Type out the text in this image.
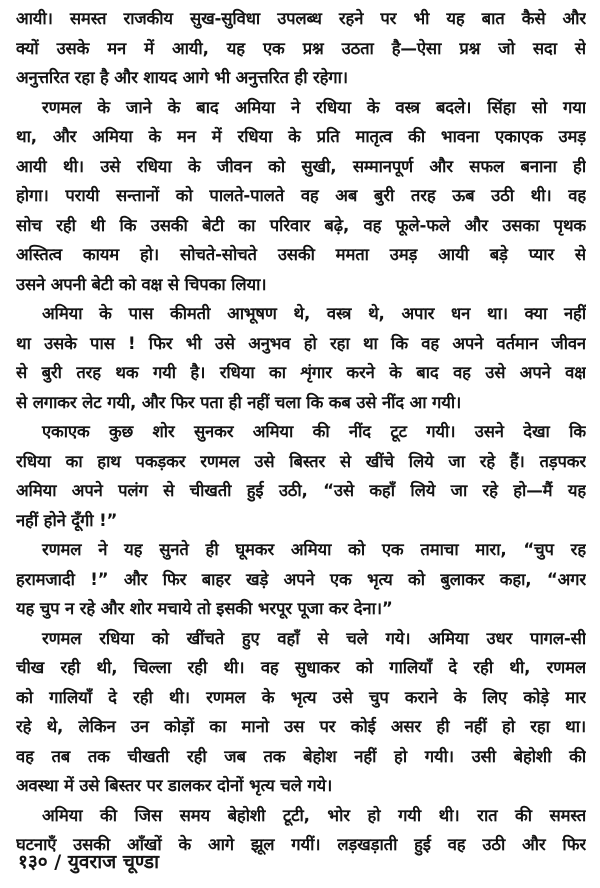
आयी। समस्त राजकीय सुख-सुविधा उपलब्ध रहने पर भी यह बात कैसे और
क्यों उसके मन में आयी, यह एक प्रश्न उठता है—ऐसा प्रश्न जो सदा से
अनुत्तरित रहा है और शायद आगे भी अनुत्तरित ही रहेगा।

रणमल के जाने के बाद अमिया ने रधिया के वस्त्र बदले। सिंहा सो गया
था, और अमिया के मन में रधिया के प्रति मातृत्व की भावना एकाएक उमड़
आयी थी। उसे रधिया के जीवन को सुखी, सम्मानपूर्ण और सफल बनाना ही
होगा। परायी सन्तानों को पालते-पालते वह अब बुरी तरह ऊब उठी थी। वह
सोच रही थी कि उसकी बेटी का परिवार बढ़े, वह फूले-फले और उसका पृथक
अस्तित्व कायम हो। सोचते-सोचते उसकी ममता उमड़ आयी बड़े प्यार से
उसने अपनी बेटी को वक्ष से चिपका लिया।

अमिया के पास कीमती आभूषण थे, वस्त्र थे, अपार धन था। क्या नहीं
था उसके पास ! फिर भी उसे अनुभव हो रहा था कि वह अपने वर्तमान जीवन
से बुरी तरह थक गयी है। रधिया का शृंगार करने के बाद वह उसे अपने वक्ष
से लगाकर लेट गयी, और फिर पता ही नहीं चला कि कब उसे नींद आ गयी।

एकाएक कुछ शोर सुनकर अमिया की नींद टूट गयी। उसने देखा कि
रधिया का हाथ पकड़कर रणमल उसे बिस्तर से खींचे लिये जा रहे हैं। तड़पकर
अमिया अपने पलंग से चीखती हुई उठी, “उसे कहाँ लिये जा रहे हो—मैं यह
नहीं होने दूँगी !”

रणमल ने यह सुनते ही घूमकर अमिया को एक तमाचा मारा, “चुप रह
हरामजादी !” और फिर बाहर खड़े अपने एक भृत्य को बुलाकर कहा, “अगर
यह चुप न रहे और शोर मचाये तो इसकी भरपूर पूजा कर देना।”

रणमल रधिया को खींचते हुए वहाँ से चले गये। अमिया उधर पागल-सी
चीख रही थी, चिल्ला रही थी। वह सुधाकर को गालियाँ दे रही थी, रणमल
को गालियाँ दे रही थी। रणमल के भृत्य उसे चुप कराने के लिए कोड़े मार
रहे थे, लेकिन उन कोड़ों का मानो उस पर कोई असर ही नहीं हो रहा था।
वह तब तक चीखती रही जब तक बेहोश नहीं हो गयी। उसी बेहोशी की
अवस्था में उसे बिस्तर पर डालकर दोनों भृत्य चले गये।

अमिया की जिस समय बेहोशी टूटी, भोर हो गयी थी। रात की समस्त
घटनाएँ उसकी आँखों के आगे झूल गयीं। लड़खड़ाती हुई वह उठी और फिर

१३० / युवराज चूण्डा
